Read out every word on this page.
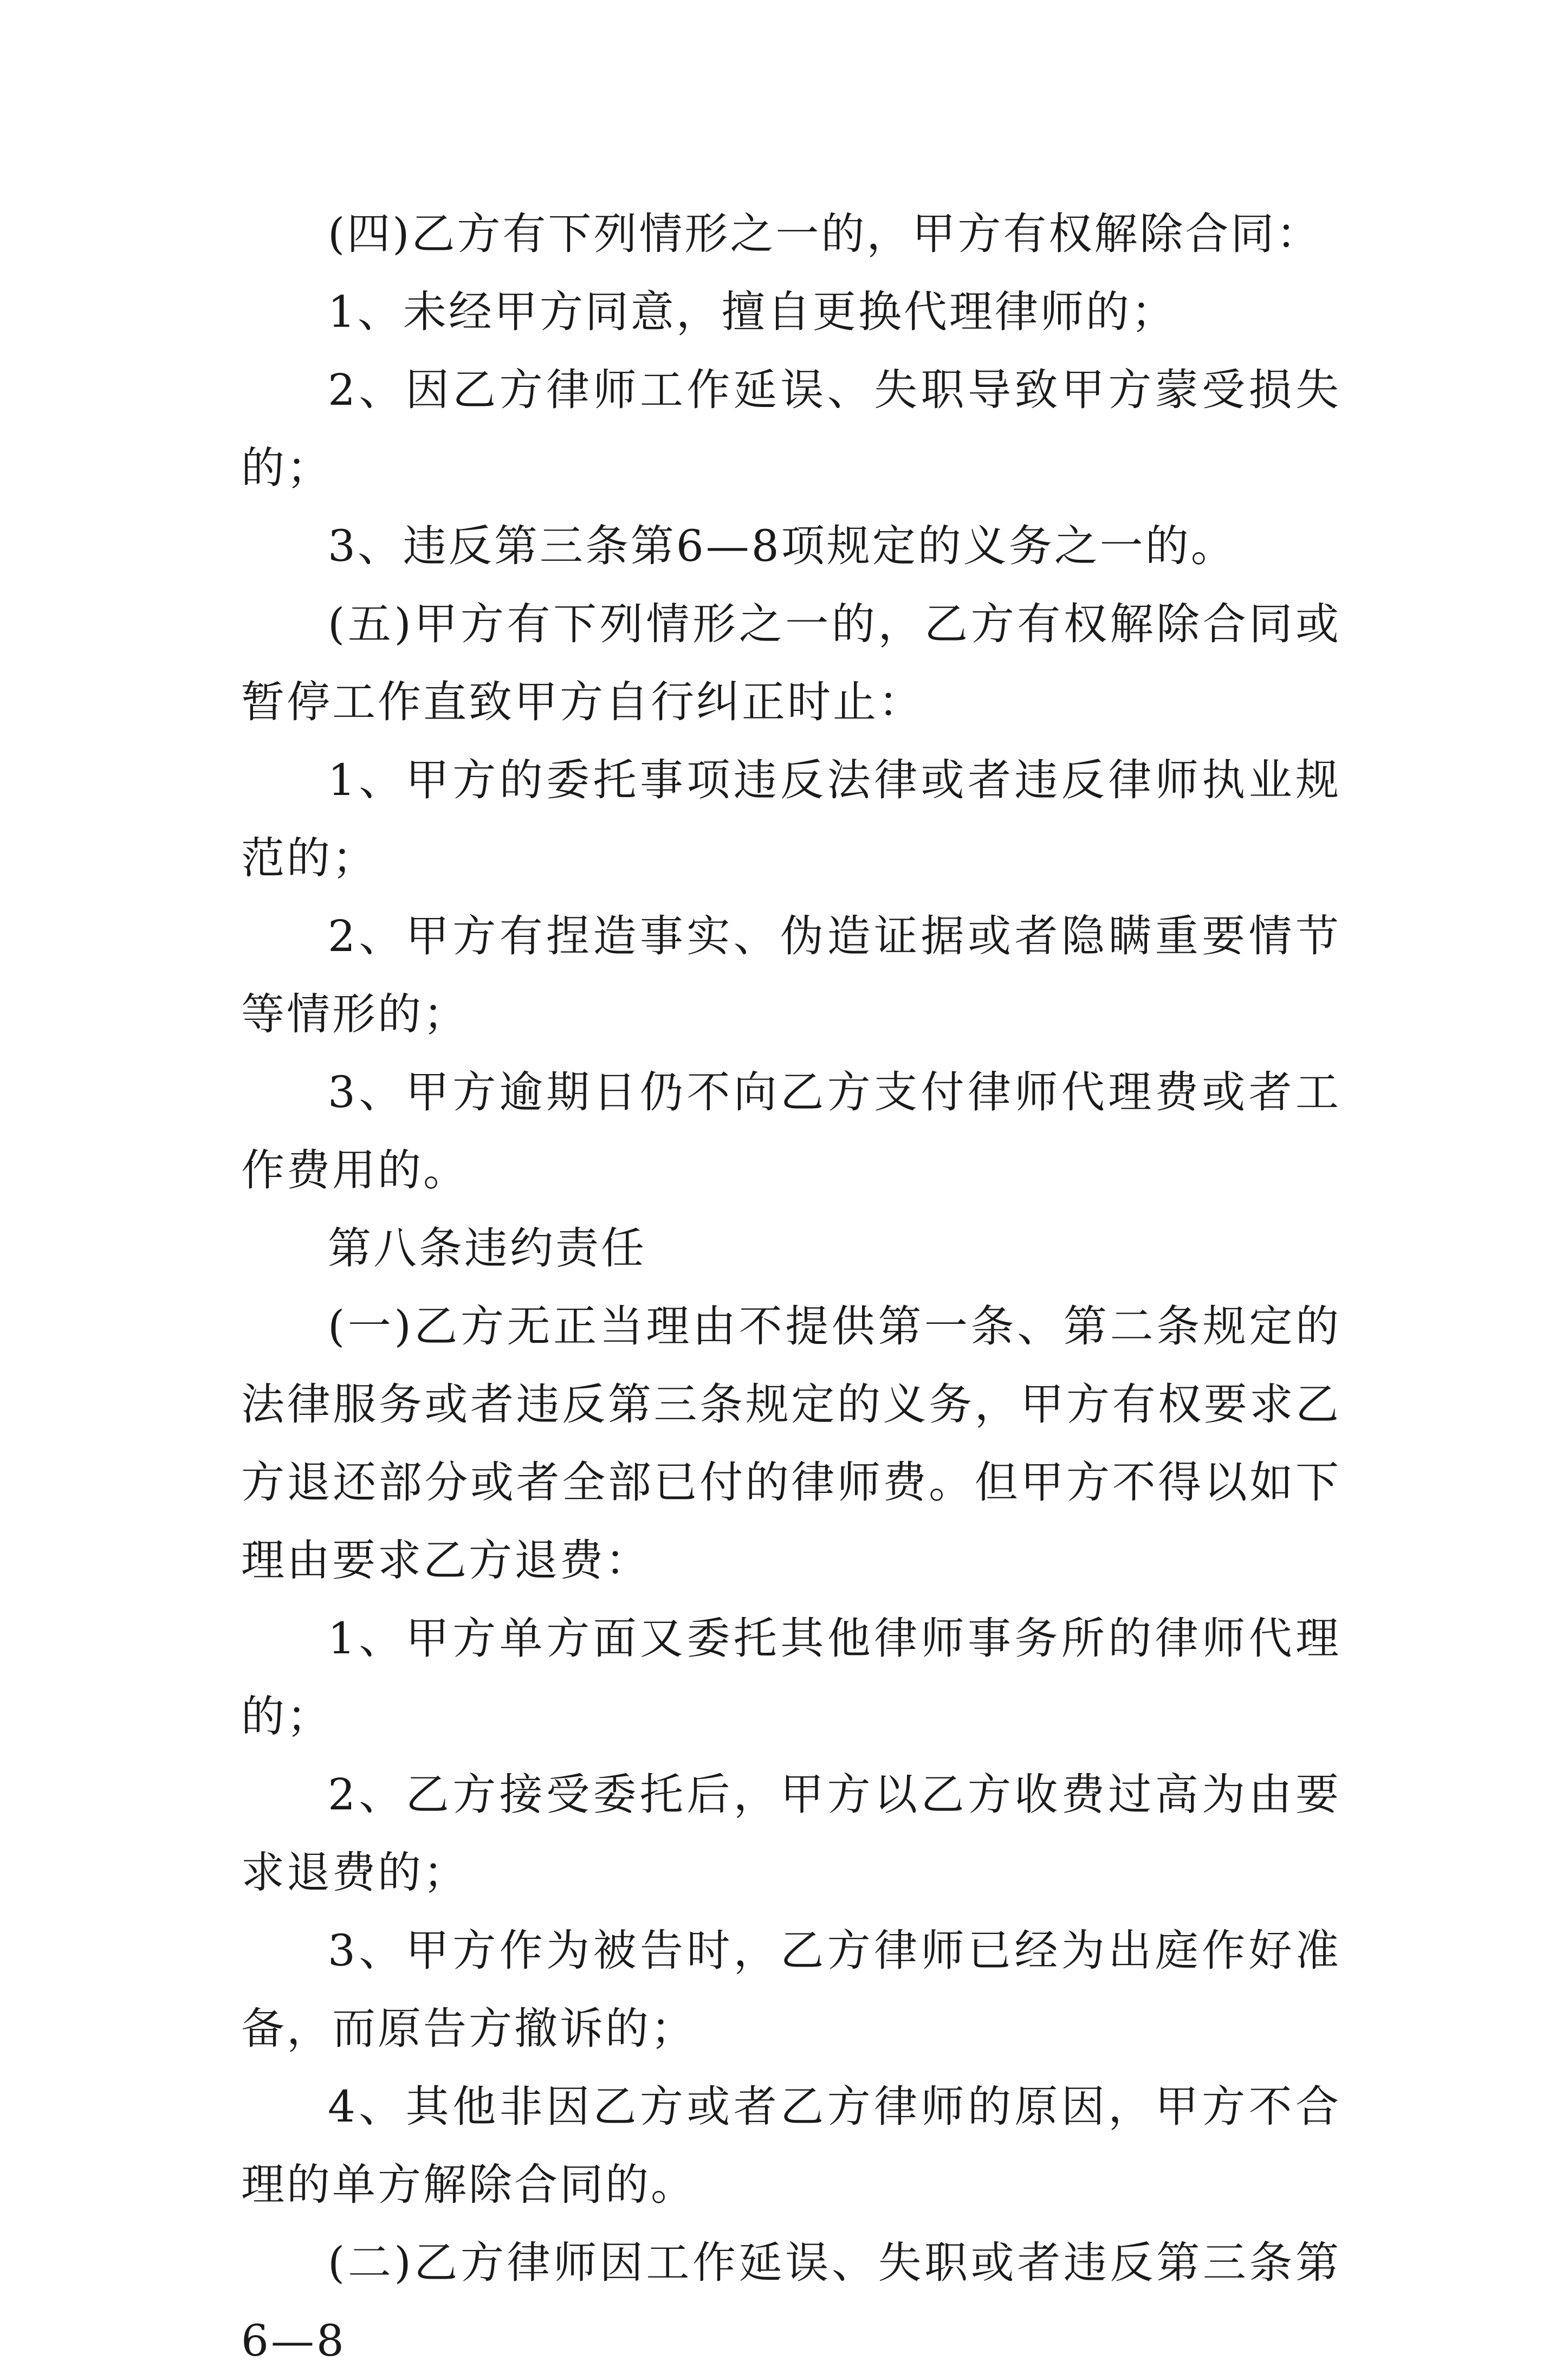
(四)乙方有下列情形之一的，甲方有权解除合同：

1、未经甲方同意，擅自更换代理律师的；

2、因乙方律师工作延误、失职导致甲方蒙受损失的；

3、违反第三条第6—8项规定的义务之一的。

(五)甲方有下列情形之一的，乙方有权解除合同或暂停工作直致甲方自行纠正时止：

1、甲方的委托事项违反法律或者违反律师执业规范的；

2、甲方有捏造事实、伪造证据或者隐瞒重要情节等情形的；

3、甲方逾期日仍不向乙方支付律师代理费或者工作费用的。

第八条违约责任

(一)乙方无正当理由不提供第一条、第二条规定的法律服务或者违反第三条规定的义务，甲方有权要求乙方退还部分或者全部已付的律师费。但甲方不得以如下理由要求乙方退费：

1、甲方单方面又委托其他律师事务所的律师代理的；

2、乙方接受委托后，甲方以乙方收费过高为由要求退费的；

3、甲方作为被告时，乙方律师已经为出庭作好准备，而原告方撤诉的；

4、其他非因乙方或者乙方律师的原因，甲方不合理的单方解除合同的。

(二)乙方律师因工作延误、失职或者违反第三条第6—8
